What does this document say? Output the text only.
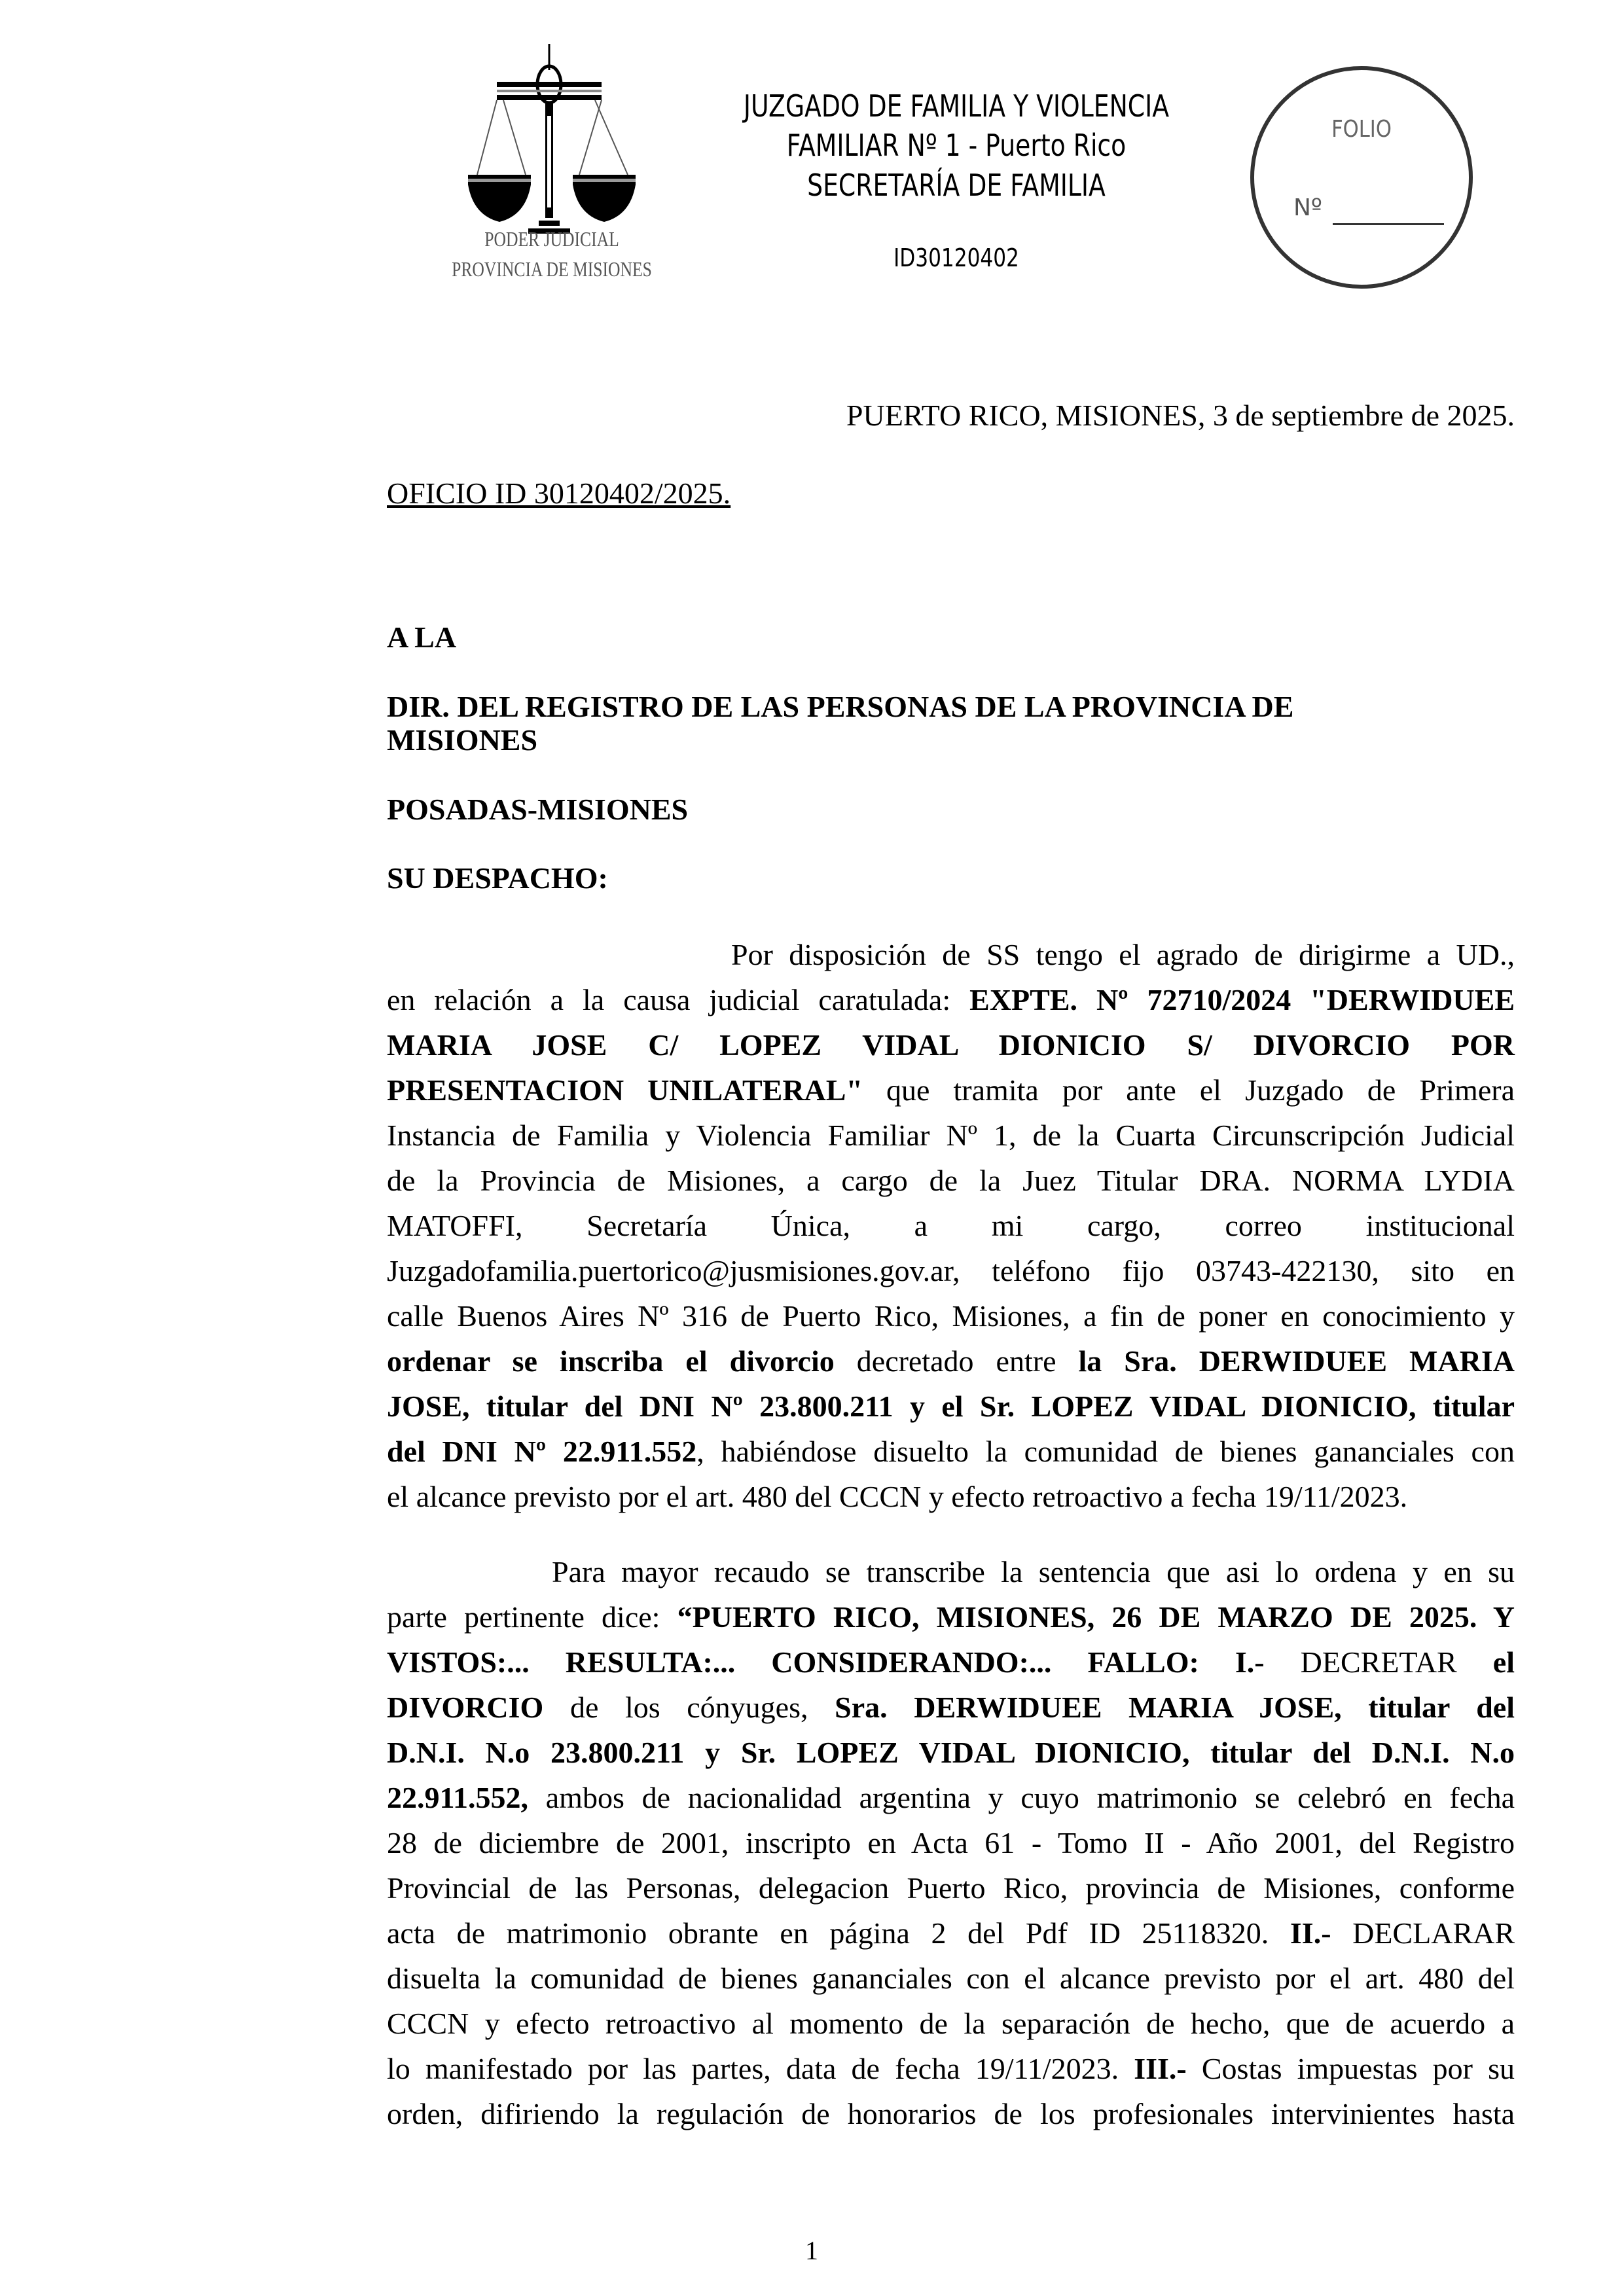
PODER JUDICIAL
PROVINCIA DE MISIONES
JUZGADO DE FAMILIA Y VIOLENCIA
FAMILIAR Nº 1 - Puerto Rico
SECRETARÍA DE FAMILIA
ID30120402
FOLIO
Nº
PUERTO RICO, MISIONES, 3 de septiembre de 2025.
OFICIO ID 30120402/2025.
A LA
DIR. DEL REGISTRO DE LAS PERSONAS DE LA PROVINCIA DE
MISIONES
POSADAS-MISIONES
SU DESPACHO:
Por disposición de SS tengo el agrado de dirigirme a UD.,
en relación a la causa judicial caratulada: EXPTE. Nº 72710/2024 "DERWIDUEE
MARIA JOSE C/ LOPEZ VIDAL DIONICIO S/ DIVORCIO POR
PRESENTACION UNILATERAL" que tramita por ante el Juzgado de Primera
Instancia de Familia y Violencia Familiar Nº 1, de la Cuarta Circunscripción Judicial
de la Provincia de Misiones, a cargo de la Juez Titular DRA. NORMA LYDIA
MATOFFI, Secretaría Única, a mi cargo, correo institucional
Juzgadofamilia.puertorico@jusmisiones.gov.ar, teléfono fijo 03743-422130, sito en
calle Buenos Aires Nº 316 de Puerto Rico, Misiones, a fin de poner en conocimiento y
ordenar se inscriba el divorcio decretado entre la Sra. DERWIDUEE MARIA
JOSE, titular del DNI Nº 23.800.211 y el Sr. LOPEZ VIDAL DIONICIO, titular
del DNI Nº 22.911.552, habiéndose disuelto la comunidad de bienes gananciales con
el alcance previsto por el art. 480 del CCCN y efecto retroactivo a fecha 19/11/2023.
Para mayor recaudo se transcribe la sentencia que asi lo ordena y en su
parte pertinente dice: “PUERTO RICO, MISIONES, 26 DE MARZO DE 2025. Y
VISTOS:... RESULTA:... CONSIDERANDO:... FALLO: I.- DECRETAR el
DIVORCIO de los cónyuges, Sra. DERWIDUEE MARIA JOSE, titular del
D.N.I. N.o 23.800.211 y Sr. LOPEZ VIDAL DIONICIO, titular del D.N.I. N.o
22.911.552, ambos de nacionalidad argentina y cuyo matrimonio se celebró en fecha
28 de diciembre de 2001, inscripto en Acta 61 - Tomo II - Año 2001, del Registro
Provincial de las Personas, delegacion Puerto Rico, provincia de Misiones, conforme
acta de matrimonio obrante en página 2 del Pdf ID 25118320. II.- DECLARAR
disuelta la comunidad de bienes gananciales con el alcance previsto por el art. 480 del
CCCN y efecto retroactivo al momento de la separación de hecho, que de acuerdo a
lo manifestado por las partes, data de fecha 19/11/2023. III.- Costas impuestas por su
orden, difiriendo la regulación de honorarios de los profesionales intervinientes hasta
1
